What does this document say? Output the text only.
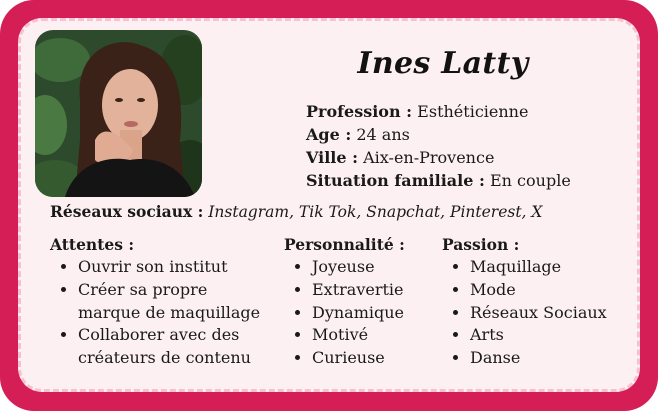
Ines Latty
Profession : Esthéticienne
Age : 24 ans
Ville : Aix-en-Provence
Situation familiale : En couple
Réseaux sociaux : Instagram, Tik Tok, Snapchat, Pinterest, X
Attentes :
• Ouvrir son institut
• Créer sa propre marque de maquillage
• Collaborer avec des créateurs de contenu
Personnalité :
• Joyeuse
• Extravertie
• Dynamique
• Motivé
• Curieuse
Passion :
• Maquillage
• Mode
• Réseaux Sociaux
• Arts
• Danse
